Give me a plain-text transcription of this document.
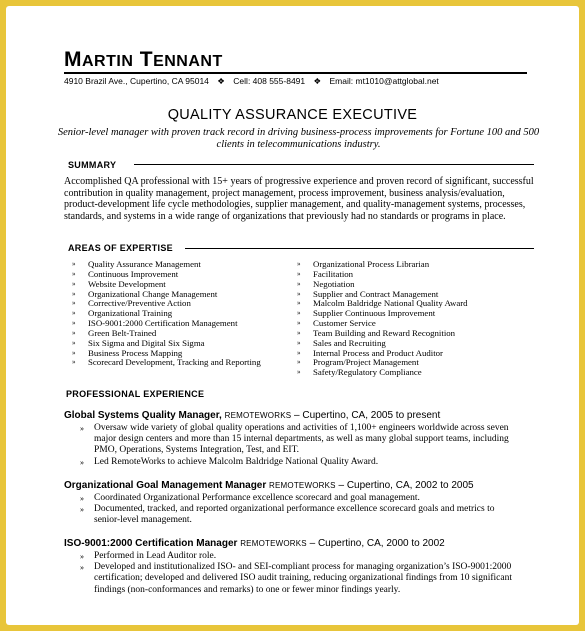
MARTIN TENNANT
4910 Brazil Ave., Cupertino, CA 95014 ❖ Cell: 408 555-8491 ❖ Email: mt1010@attglobal.net
QUALITY ASSURANCE EXECUTIVE
Senior-level manager with proven track record in driving business-process improvements for Fortune 100 and 500 clients in telecommunications industry.
SUMMARY
Accomplished QA professional with 15+ years of progressive experience and proven record of significant, successful contribution in quality management, project management, process improvement, business analysis/evaluation, product-development life cycle methodologies, supplier management, and quality-management systems, processes, standards, and systems in a wide range of organizations that previously had no standards or programs in place.
AREAS OF EXPERTISE
» Quality Assurance Management
» Continuous Improvement
» Website Development
» Organizational Change Management
» Corrective/Preventive Action
» Organizational Training
» ISO-9001:2000 Certification Management
» Green Belt-Trained
» Six Sigma and Digital Six Sigma
» Business Process Mapping
» Scorecard Development, Tracking and Reporting
» Organizational Process Librarian
» Facilitation
» Negotiation
» Supplier and Contract Management
» Malcolm Baldridge National Quality Award
» Supplier Continuous Improvement
» Customer Service
» Team Building and Reward Recognition
» Sales and Recruiting
» Internal Process and Product Auditor
» Program/Project Management
» Safety/Regulatory Compliance
PROFESSIONAL EXPERIENCE
Global Systems Quality Manager, REMOTEWORKS – Cupertino, CA, 2005 to present
» Oversaw wide variety of global quality operations and activities of 1,100+ engineers worldwide across seven major design centers and more than 15 internal departments, as well as many global support teams, including PMO, Operations, Systems Integration, Test, and EIT.
» Led RemoteWorks to achieve Malcolm Baldridge National Quality Award.
Organizational Goal Management Manager REMOTEWORKS – Cupertino, CA, 2002 to 2005
» Coordinated Organizational Performance excellence scorecard and goal management.
» Documented, tracked, and reported organizational performance excellence scorecard goals and metrics to senior-level management.
ISO-9001:2000 Certification Manager REMOTEWORKS – Cupertino, CA, 2000 to 2002
» Performed in Lead Auditor role.
» Developed and institutionalized ISO- and SEI-compliant process for managing organization’s ISO-9001:2000 certification; developed and delivered ISO audit training, reducing organizational findings from 10 significant findings (non-conformances and remarks) to one or fewer minor findings yearly.
